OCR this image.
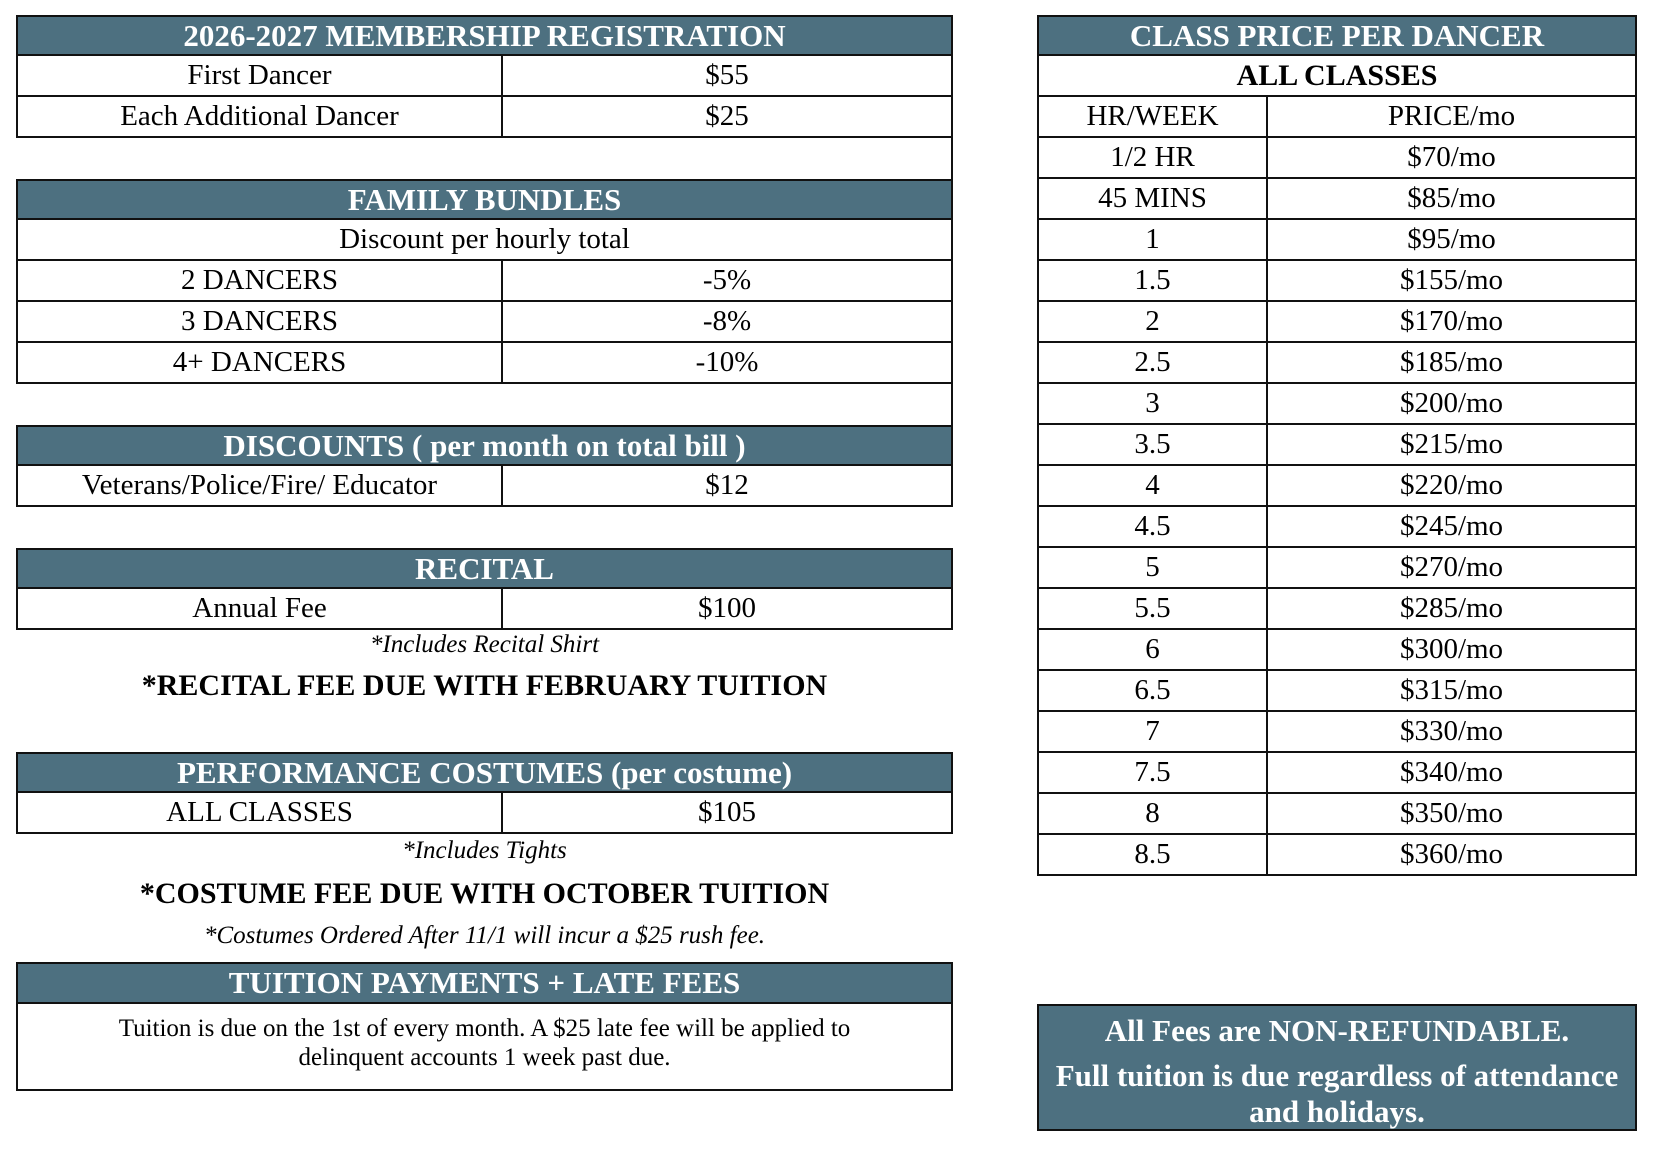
2026-2027 MEMBERSHIP REGISTRATION
First Dancer	$55
Each Additional Dancer	$25
FAMILY BUNDLES
Discount per hourly total
2 DANCERS	-5%
3 DANCERS	-8%
4+ DANCERS	-10%
DISCOUNTS ( per month on total bill )
Veterans/Police/Fire/ Educator	$12
RECITAL
Annual Fee	$100
*Includes Recital Shirt
*RECITAL FEE DUE WITH FEBRUARY TUITION
PERFORMANCE COSTUMES (per costume)
ALL CLASSES	$105
*Includes Tights
*COSTUME FEE DUE WITH OCTOBER TUITION
*Costumes Ordered After 11/1 will incur a $25 rush fee.
TUITION PAYMENTS + LATE FEES
Tuition is due on the 1st of every month. A $25 late fee will be applied to
delinquent accounts 1 week past due.
CLASS PRICE PER DANCER
ALL CLASSES
HR/WEEK	PRICE/mo
1/2 HR	$70/mo
45 MINS	$85/mo
1	$95/mo
1.5	$155/mo
2	$170/mo
2.5	$185/mo
3	$200/mo
3.5	$215/mo
4	$220/mo
4.5	$245/mo
5	$270/mo
5.5	$285/mo
6	$300/mo
6.5	$315/mo
7	$330/mo
7.5	$340/mo
8	$350/mo
8.5	$360/mo
All Fees are NON-REFUNDABLE.
Full tuition is due regardless of attendance and holidays.
